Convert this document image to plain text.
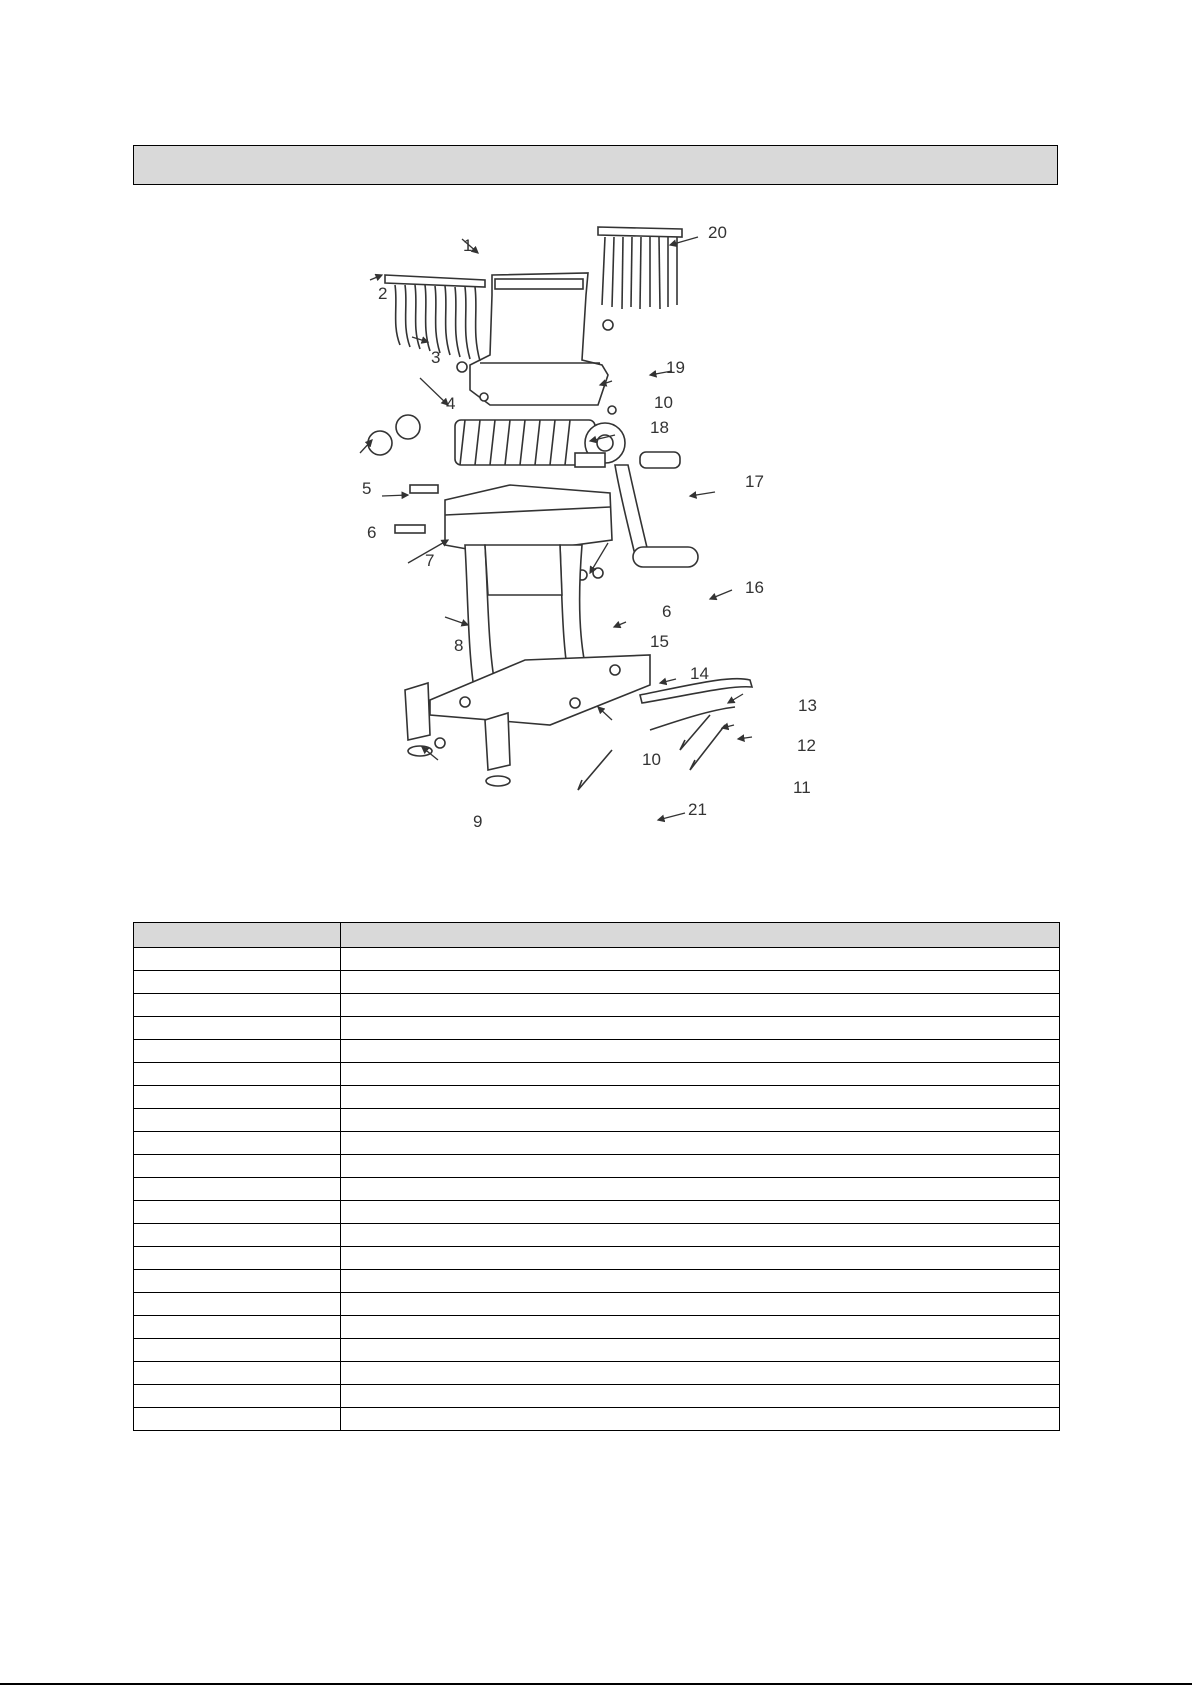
1
2
3
4
5
6
6
7
8
9
10
10
11
12
13
14
15
16
17
18
19
20
21
